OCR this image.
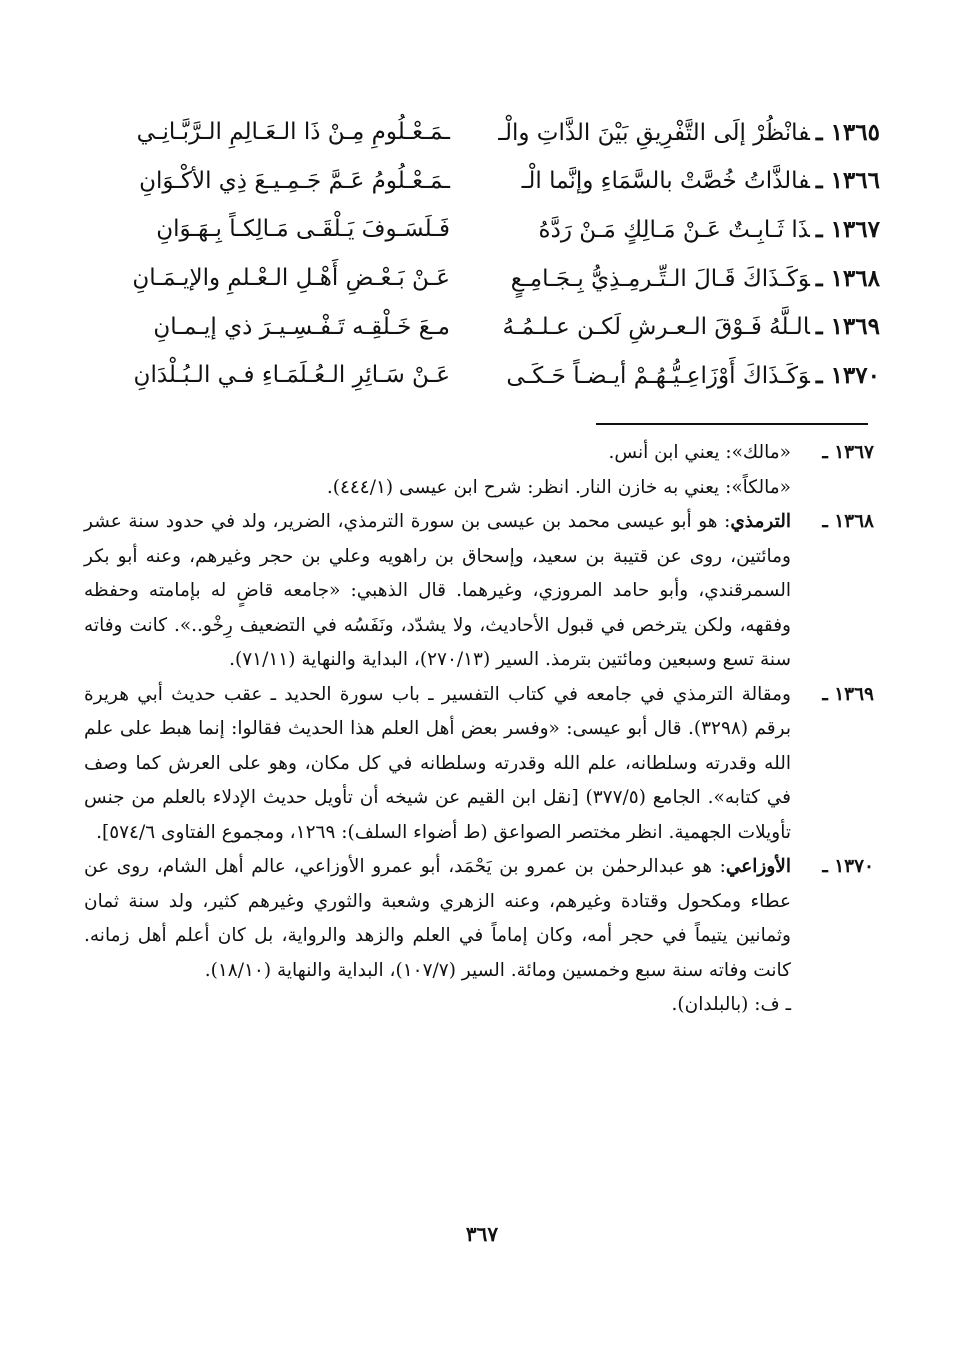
١٣٦٥ ـفانْظُرْ إلَى التَّفْرِيقِ بَيْنَ الذَّاتِ والْـ
ـمَـعْـلُومِ مِـنْ ذَا الـعَـالِمِ الـرَّبَّـانِـي
١٣٦٦ ـفالذَّاتُ خُصَّتْ بالسَّمَاءِ وإنَّما الْـ
ـمَـعْـلُومُ عَـمَّ جَـمِـيـعَ ذِي الأكْـوَانِ
١٣٦٧ ـذَا ثَـابِـتٌ عَـنْ مَـالِكٍ مَـنْ رَدَّهُ
فَـلَسَـوفَ يَـلْقَـى مَـالِكـاً بِـهَـوَانِ
١٣٦٨ ـوَكَـذَاكَ قَـالَ الـتِّـرمِـذِيُّ بِـجَـامِـعٍ
عَـنْ بَـعْـضِ أَهْـلِ الـعْـلمِ والإيـمَـانِ
١٣٦٩ ـالـلَّهُ فَـوْقَ الـعـرشِ لَكـن عـلـمُـهُ
مـعَ خَـلْقِـه تَـفْـسِـيـرَ ذي إيـمـانِ
١٣٧٠ ـوَكَـذَاكَ أَوْزَاعِـيُّـهُـمْ أيـضـاً حَـكَـى
عَـنْ سَـائِرِ الـعُـلَمَـاءِ فـي الـبُـلْدَانِ
١٣٦٧ ـ

«مالك»: يعني ابن أنس.

«مالكاً»: يعني به خازن النار. انظر: شرح ابن عيسى (٤٤٤/١).

١٣٦٨ ـ

الترمذي: هو أبو عيسى محمد بن عيسى بن سورة الترمذي، الضرير، ولد في حدود سنة عشر ومائتين، روى عن قتيبة بن سعيد، وإسحاق بن راهويه وعلي بن حجر وغيرهم، وعنه أبو بكر السمرقندي، وأبو حامد المروزي، وغيرهما. قال الذهبي: «جامعه قاضٍ له بإمامته وحفظه وفقهه، ولكن يترخص في قبول الأحاديث، ولا يشدّد، ونَفَسُه في التضعيف رِخْو..». كانت وفاته سنة تسع وسبعين ومائتين بترمذ. السير (٢٧٠/١٣)، البداية والنهاية (٧١/١١).

١٣٦٩ ـ

ومقالة الترمذي في جامعه في كتاب التفسير ـ باب سورة الحديد ـ عقب حديث أبي هريرة برقم (٣٢٩٨). قال أبو عيسى: «وفسر بعض أهل العلم هذا الحديث فقالوا: إنما هبط على علم الله وقدرته وسلطانه، علم الله وقدرته وسلطانه في كل مكان، وهو على العرش كما وصف في كتابه». الجامع (٣٧٧/٥) [نقل ابن القيم عن شيخه أن تأويل حديث الإدلاء بالعلم من جنس تأويلات الجهمية. انظر مختصر الصواعق (ط أضواء السلف): ١٢٦٩، ومجموع الفتاوى ٥٧٤/٦].

١٣٧٠ ـ

الأوزاعي: هو عبدالرحمٰن بن عمرو بن يَحْمَد، أبو عمرو الأوزاعي، عالم أهل الشام، روى عن عطاء ومكحول وقتادة وغيرهم، وعنه الزهري وشعبة والثوري وغيرهم كثير، ولد سنة ثمان وثمانين يتيماً في حجر أمه، وكان إماماً في العلم والزهد والرواية، بل كان أعلم أهل زمانه. كانت وفاته سنة سبع وخمسين ومائة. السير (١٠٧/٧)، البداية والنهاية (١٨/١٠).

ـ ف: (بالبلدان).

٣٦٧
